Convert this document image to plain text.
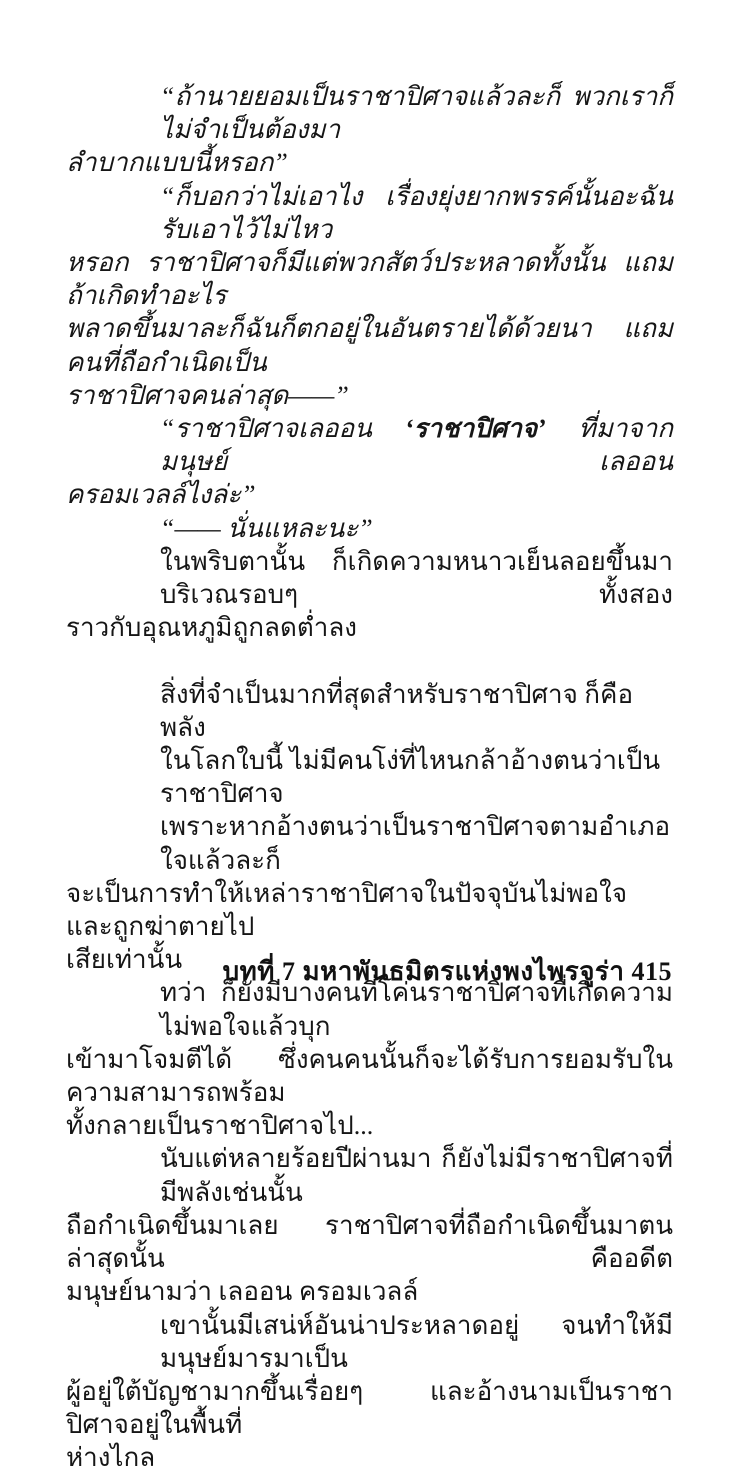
“ถ้านายยอมเป็นราชาปิศาจแล้วละก็ พวกเราก็ไม่จำเป็นต้องมา
ลำบากแบบนี้หรอก”
“ก็บอกว่าไม่เอาไง เรื่องยุ่งยากพรรค์นั้นอะฉันรับเอาไว้ไม่ไหว
หรอก ราชาปิศาจก็มีแต่พวกสัตว์ประหลาดทั้งนั้น แถมถ้าเกิดทำอะไร
พลาดขึ้นมาละก็ฉันก็ตกอยู่ในอันตรายได้ด้วยนา แถมคนที่ถือกำเนิดเป็น
ราชาปิศาจคนล่าสุด——”
“ราชาปิศาจเลออน ‘ราชาปิศาจ’ ที่มาจากมนุษย์ เลออน
ครอมเวลล์ไงล่ะ”
“—— นั่นแหละนะ”
ในพริบตานั้น ก็เกิดความหนาวเย็นลอยขึ้นมาบริเวณรอบๆ ทั้งสอง
ราวกับอุณหภูมิถูกลดต่ำลง
สิ่งที่จำเป็นมากที่สุดสำหรับราชาปิศาจ ก็คือพลัง
ในโลกใบนี้ ไม่มีคนโง่ที่ไหนกล้าอ้างตนว่าเป็นราชาปิศาจ
เพราะหากอ้างตนว่าเป็นราชาปิศาจตามอำเภอใจแล้วละก็
จะเป็นการทำให้เหล่าราชาปิศาจในปัจจุบันไม่พอใจและถูกฆ่าตายไป
เสียเท่านั้น
ทว่า ก็ยังมีบางคนที่โค่นราชาปิศาจที่เกิดความไม่พอใจแล้วบุก
เข้ามาโจมตีได้ ซึ่งคนคนนั้นก็จะได้รับการยอมรับในความสามารถพร้อม
ทั้งกลายเป็นราชาปิศาจไป...
นับแต่หลายร้อยปีผ่านมา ก็ยังไม่มีราชาปิศาจที่มีพลังเช่นนั้น
ถือกำเนิดขึ้นมาเลย ราชาปิศาจที่ถือกำเนิดขึ้นมาตนล่าสุดนั้น คืออดีต
มนุษย์นามว่า เลออน ครอมเวลล์
เขานั้นมีเสน่ห์อันน่าประหลาดอยู่ จนทำให้มีมนุษย์มารมาเป็น
ผู้อยู่ใต้บัญชามากขึ้นเรื่อยๆ และอ้างนามเป็นราชาปิศาจอยู่ในพื้นที่
ห่างไกล
บทที่ 7 มหาพันธมิตรแห่งพงไพรจูร่า 415
